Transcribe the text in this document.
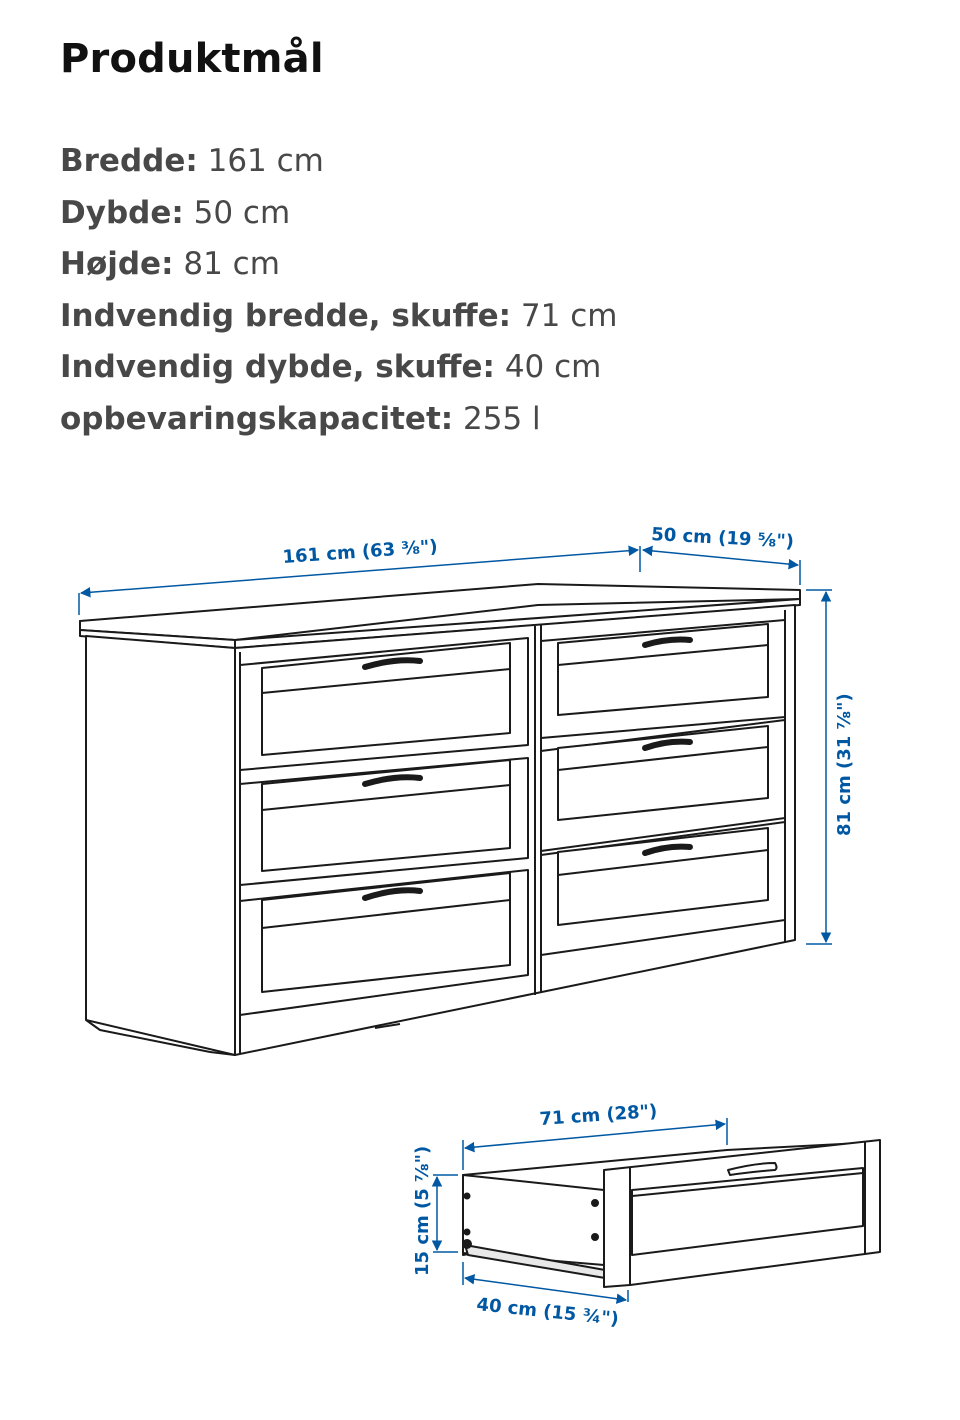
Produktmål
Bredde: 161 cm
Dybde: 50 cm
Højde: 81 cm
Indvendig bredde, skuffe: 71 cm
Indvendig dybde, skuffe: 40 cm
opbevaringskapacitet: 255 l
161 cm (63 ⅜")	50 cm (19 ⅝")
81 cm (31 ⅞")
71 cm (28")
15 cm (5 ⅞")
40 cm (15 ¾")
